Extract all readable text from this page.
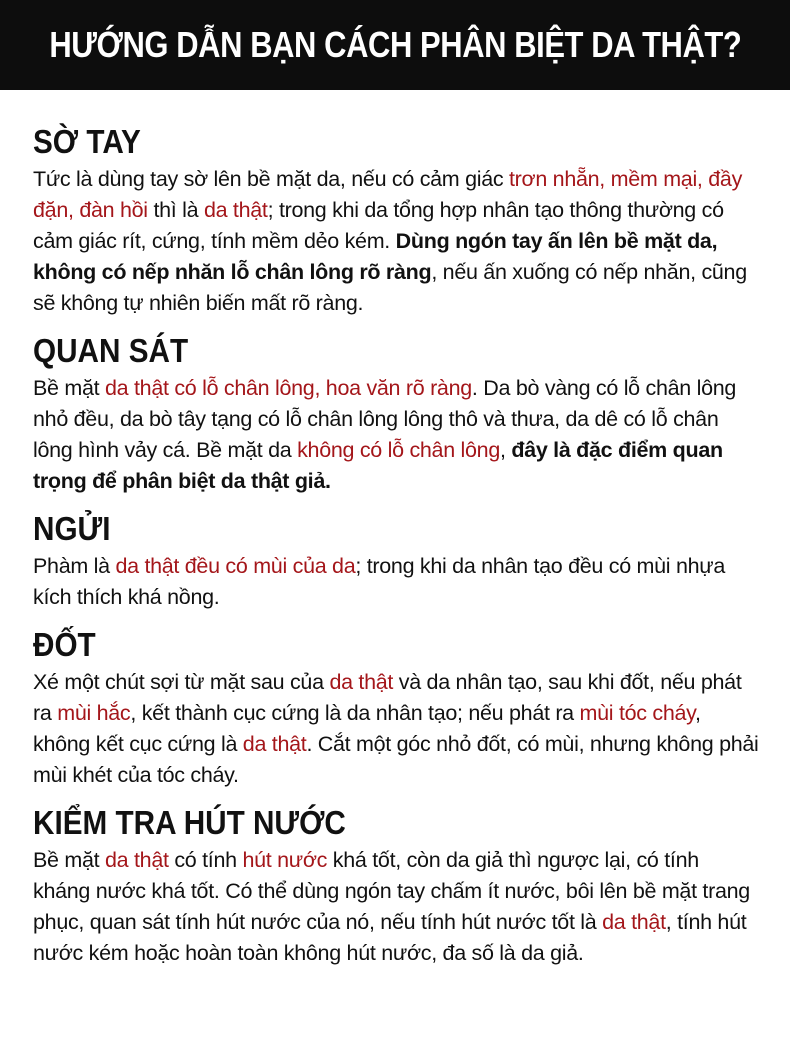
HƯỚNG DẪN BẠN CÁCH PHÂN BIỆT DA THẬT?
SỜ TAY
Tức là dùng tay sờ lên bề mặt da, nếu có cảm giác trơn nhẵn, mềm mại, đầy đặn, đàn hồi thì là da thật; trong khi da tổng hợp nhân tạo thông thường có cảm giác rít, cứng, tính mềm dẻo kém. Dùng ngón tay ấn lên bề mặt da, không có nếp nhăn lỗ chân lông rõ ràng, nếu ấn xuống có nếp nhăn, cũng sẽ không tự nhiên biến mất rõ ràng.
QUAN SÁT
Bề mặt da thật có lỗ chân lông, hoa văn rõ ràng. Da bò vàng có lỗ chân lông nhỏ đều, da bò tây tạng có lỗ chân lông lông thô và thưa, da dê có lỗ chân lông hình vảy cá. Bề mặt da không có lỗ chân lông, đây là đặc điểm quan trọng để phân biệt da thật giả.
NGỬI
Phàm là da thật đều có mùi của da; trong khi da nhân tạo đều có mùi nhựa kích thích khá nồng.
ĐỐT
Xé một chút sợi từ mặt sau của da thật và da nhân tạo, sau khi đốt, nếu phát ra mùi hắc, kết thành cục cứng là da nhân tạo; nếu phát ra mùi tóc cháy, không kết cục cứng là da thật. Cắt một góc nhỏ đốt, có mùi, nhưng không phải mùi khét của tóc cháy.
KIỂM TRA HÚT NƯỚC
Bề mặt da thật có tính hút nước khá tốt, còn da giả thì ngược lại, có tính kháng nước khá tốt. Có thể dùng ngón tay chấm ít nước, bôi lên bề mặt trang phục, quan sát tính hút nước của nó, nếu tính hút nước tốt là da thật, tính hút nước kém hoặc hoàn toàn không hút nước, đa số là da giả.
